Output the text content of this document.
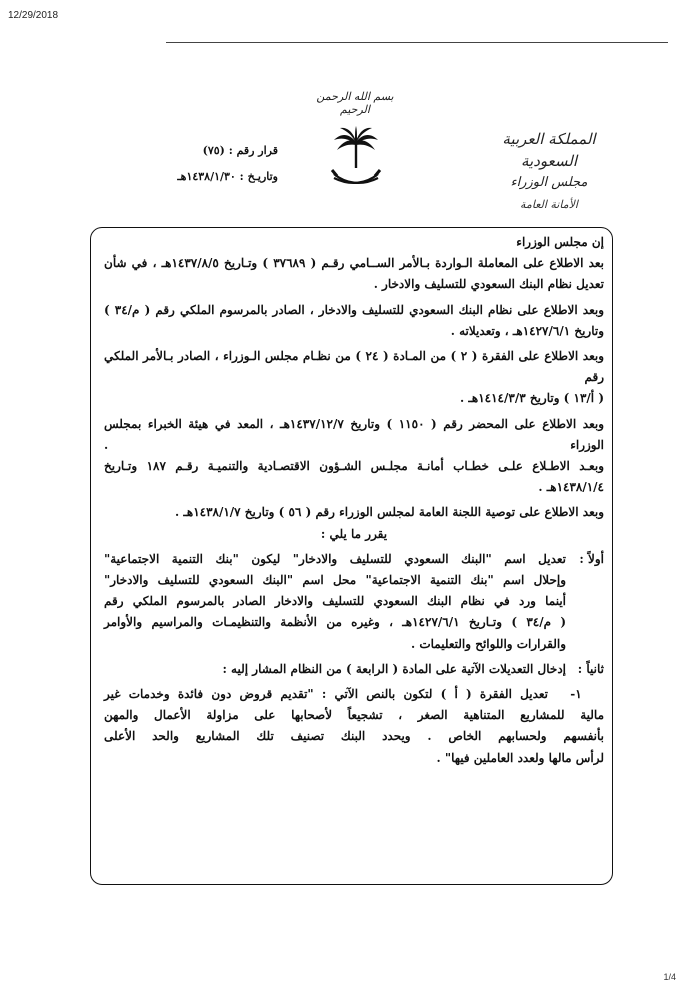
12/29/2018
بسم الله الرحمن الرحيم
المملكة العربية السعودية
مجلس الوزراء
الأمانة العامة
قرار رقم : (٧٥)
وتاريـخ : ١٤٣٨/١/٣٠هـ

إن مجلس الوزراء

بعد الاطلاع على المعاملة الـواردة بـالأمر الســامي رقـم ( ٣٧٦٨٩ ) وتـاريخ ١٤٣٧/٨/٥هـ ، في شأن

تعديل نظام البنك السعودي للتسليف والادخار .

وبعد الاطلاع على نظام البنك السعودي للتسليف والادخار ، الصادر بالمرسوم الملكي رقم ( م/٣٤ )

وتاريخ ١٤٢٧/٦/١هـ ، وتعديلاته .

وبعد الاطلاع على الفقرة ( ٢ ) من المـادة ( ٢٤ ) من نظـام مجلس الـوزراء ، الصادر بـالأمر الملكي رقم

( أ/١٣ ) وتاريخ ١٤١٤/٣/٣هـ .

وبعد الاطلاع على المحضر رقم ( ١١٥٠ ) وتاريخ ١٤٣٧/١٢/٧هـ ، المعد في هيئة الخبراء بمجلس الوزراء .

وبعـد الاطـلاع علـى خطـاب أمانـة مجلـس الشـؤون الاقتصـادية والتنميـة رقـم ١٨٧ وتـاريخ

١٤٣٨/١/٤هـ .

وبعد الاطلاع على توصية اللجنة العامة لمجلس الوزراء رقم ( ٥٦ ) وتاريخ ١٤٣٨/١/٧هـ .

يقرر ما يلي :

أولاً :

تعديل اسم "البنك السعودي للتسليف والادخار" ليكون "بنك التنمية الاجتماعية"

وإحلال اسم "بنك التنمية الاجتماعية" محل اسم "البنك السعودي للتسليف والادخار"

أينما ورد في نظام البنك السعودي للتسليف والادخار الصادر بالمرسوم الملكي رقم

( م/٣٤ ) وتـاريخ ١٤٢٧/٦/١هـ ، وغيره من الأنظمة والتنظيمـات والمراسيم والأوامر

والقرارات واللوائح والتعليمات .

ثانياً :

إدخال التعديلات الآتية على المادة ( الرابعة ) من النظام المشار إليه :

١-

تعديل الفقرة ( أ ) لتكون بالنص الآتي : "تقديم قروض دون فائدة وخدمات غير

مالية للمشاريع المتناهية الصغر ، تشجيعاً لأصحابها على مزاولة الأعمال والمهن

بأنفسهم ولحسابهم الخاص . ويحدد البنك تصنيف تلك المشاريع والحد الأعلى

لرأس مالها ولعدد العاملين فيها" .

1/4
